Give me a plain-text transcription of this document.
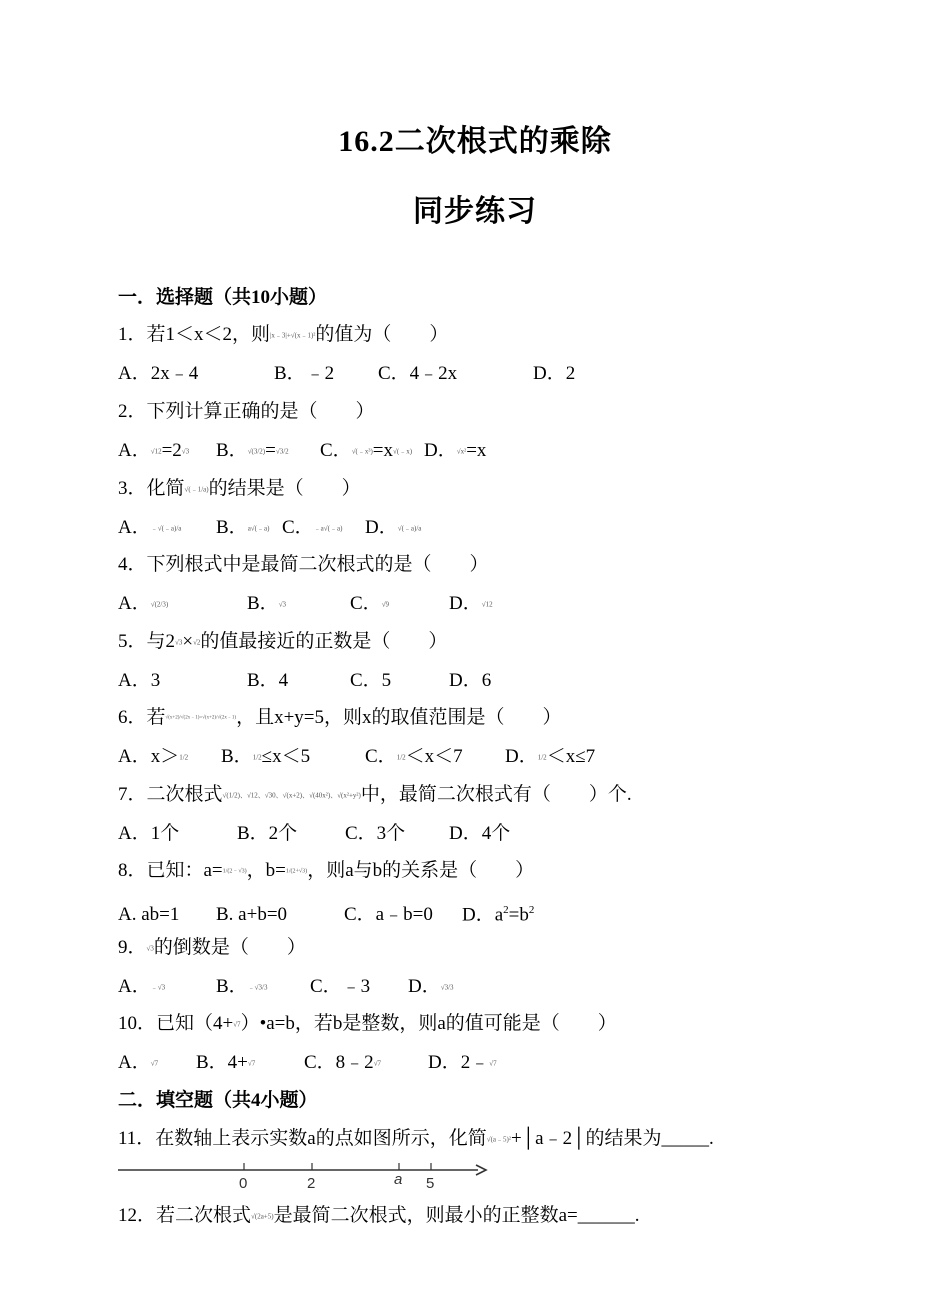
16.2二次根式的乘除
同步练习
一．选择题（共10小题）
1．若1＜x＜2，则|x﹣3|+√(x﹣1)²的值为（　　）
A．2x﹣4	B．﹣2 C．4﹣2x	D．2
2．下列计算正确的是（　　）
A．√12=2√3 B．√(3/2)=√3/2 C．√(﹣x³)=x√(﹣x) D．√x²=x
3．化简√(﹣1/a)的结果是（　　）
A．﹣√(﹣a)/a B．a√(﹣a) C．﹣a√(﹣a) D．√(﹣a)/a
4．下列根式中是最简二次根式的是（　　）
A．√(2/3)	B．√3	C．√9	D．√12
5．与2√3×√2的值最接近的正数是（　　）
A．3	B．4	C．5	D．6
6．若√(x+2)/√(2x﹣1)=√(x+2)/√(2x﹣1)，且x+y=5，则x的取值范围是（　　）
A．x＞1/2 B．1/2≤x＜5	C．1/2＜x＜7 D．1/2＜x≤7
7．二次根式√(1/2)、√12、√30、√(x+2)、√(40x²)、√(x²+y²)中，最简二次根式有（　　）个.
A．1个	B．2个	C．3个 D．4个
8．已知：a=1/(2﹣√3)，b=1/(2+√3)，则a与b的关系是（　　）
A. ab=1 B. a+b=0	C．a﹣b=0 D．$a^2=b^2$
9．√3的倒数是（　　）
A．﹣√3	B．﹣√3/3 C．﹣3 D．√3/3
10．已知（4+√7）•a=b，若b是整数，则a的值可能是（　　）
A．√7 B．4+√7	C．8﹣2√7 D．2﹣√7
二．填空题（共4小题）
11．在数轴上表示实数a的点如图所示，化简√(a﹣5)²+│a﹣2│的结果为_____.
0	2	a 5
12．若二次根式√(2a+5)是最简二次根式，则最小的正整数a=______.
